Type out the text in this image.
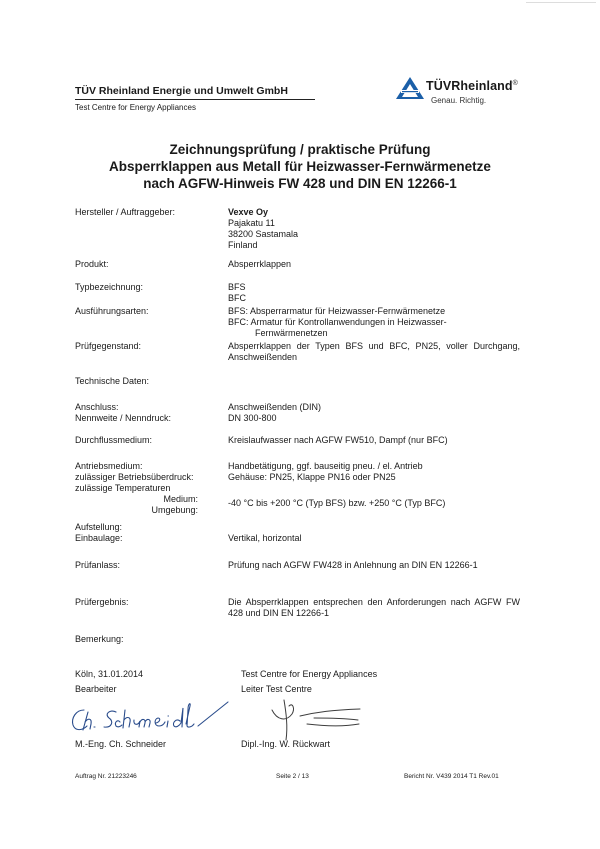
TÜV Rheinland Energie und Umwelt GmbH
Test Centre for Energy Appliances
TÜVRheinland®
Genau. Richtig.
Zeichnungsprüfung / praktische Prüfung
Absperrklappen aus Metall für Heizwasser-Fernwärmenetze
nach AGFW-Hinweis FW 428 und DIN EN 12266-1
Hersteller / Auftraggeber:	Vexve Oy
Pajakatu 11
38200 Sastamala
Finland
Produkt:	Absperrklappen
Typbezeichnung:	BFS
BFC
Ausführungsarten:	BFS: Absperrarmatur für Heizwasser-Fernwärmenetze
BFC: Armatur für Kontrollanwendungen in Heizwasser-
Fernwärmenetzen
Prüfgegenstand:	Absperrklappen der Typen BFS und BFC, PN25, voller Durchgang, Anschweißenden
Technische Daten:
Anschluss:	Anschweißenden (DIN)
Nennweite / Nenndruck:	DN 300-800
Durchflussmedium:	Kreislaufwasser nach AGFW FW510, Dampf (nur BFC)
Antriebsmedium:	Handbetätigung, ggf. bauseitig pneu. / el. Antrieb
zulässiger Betriebsüberdruck:	Gehäuse: PN25, Klappe PN16 oder PN25
zulässige Temperaturen
Medium:	-40 °C bis +200 °C (Typ BFS) bzw. +250 °C (Typ BFC)
Umgebung:
Aufstellung:
Einbaulage:	Vertikal, horizontal
Prüfanlass:	Prüfung nach AGFW FW428 in Anlehnung an DIN EN 12266-1
Prüfergebnis:	Die Absperrklappen entsprechen den Anforderungen nach AGFW FW 428 und DIN EN 12266-1
Bemerkung:
Köln, 31.01.2014
Bearbeiter
Test Centre for Energy Appliances
Leiter Test Centre
M.-Eng. Ch. Schneider	Dipl.-Ing. W. Rückwart
Auftrag Nr. 21223246	Seite 2 / 13	Bericht Nr. V439 2014 T1 Rev.01
